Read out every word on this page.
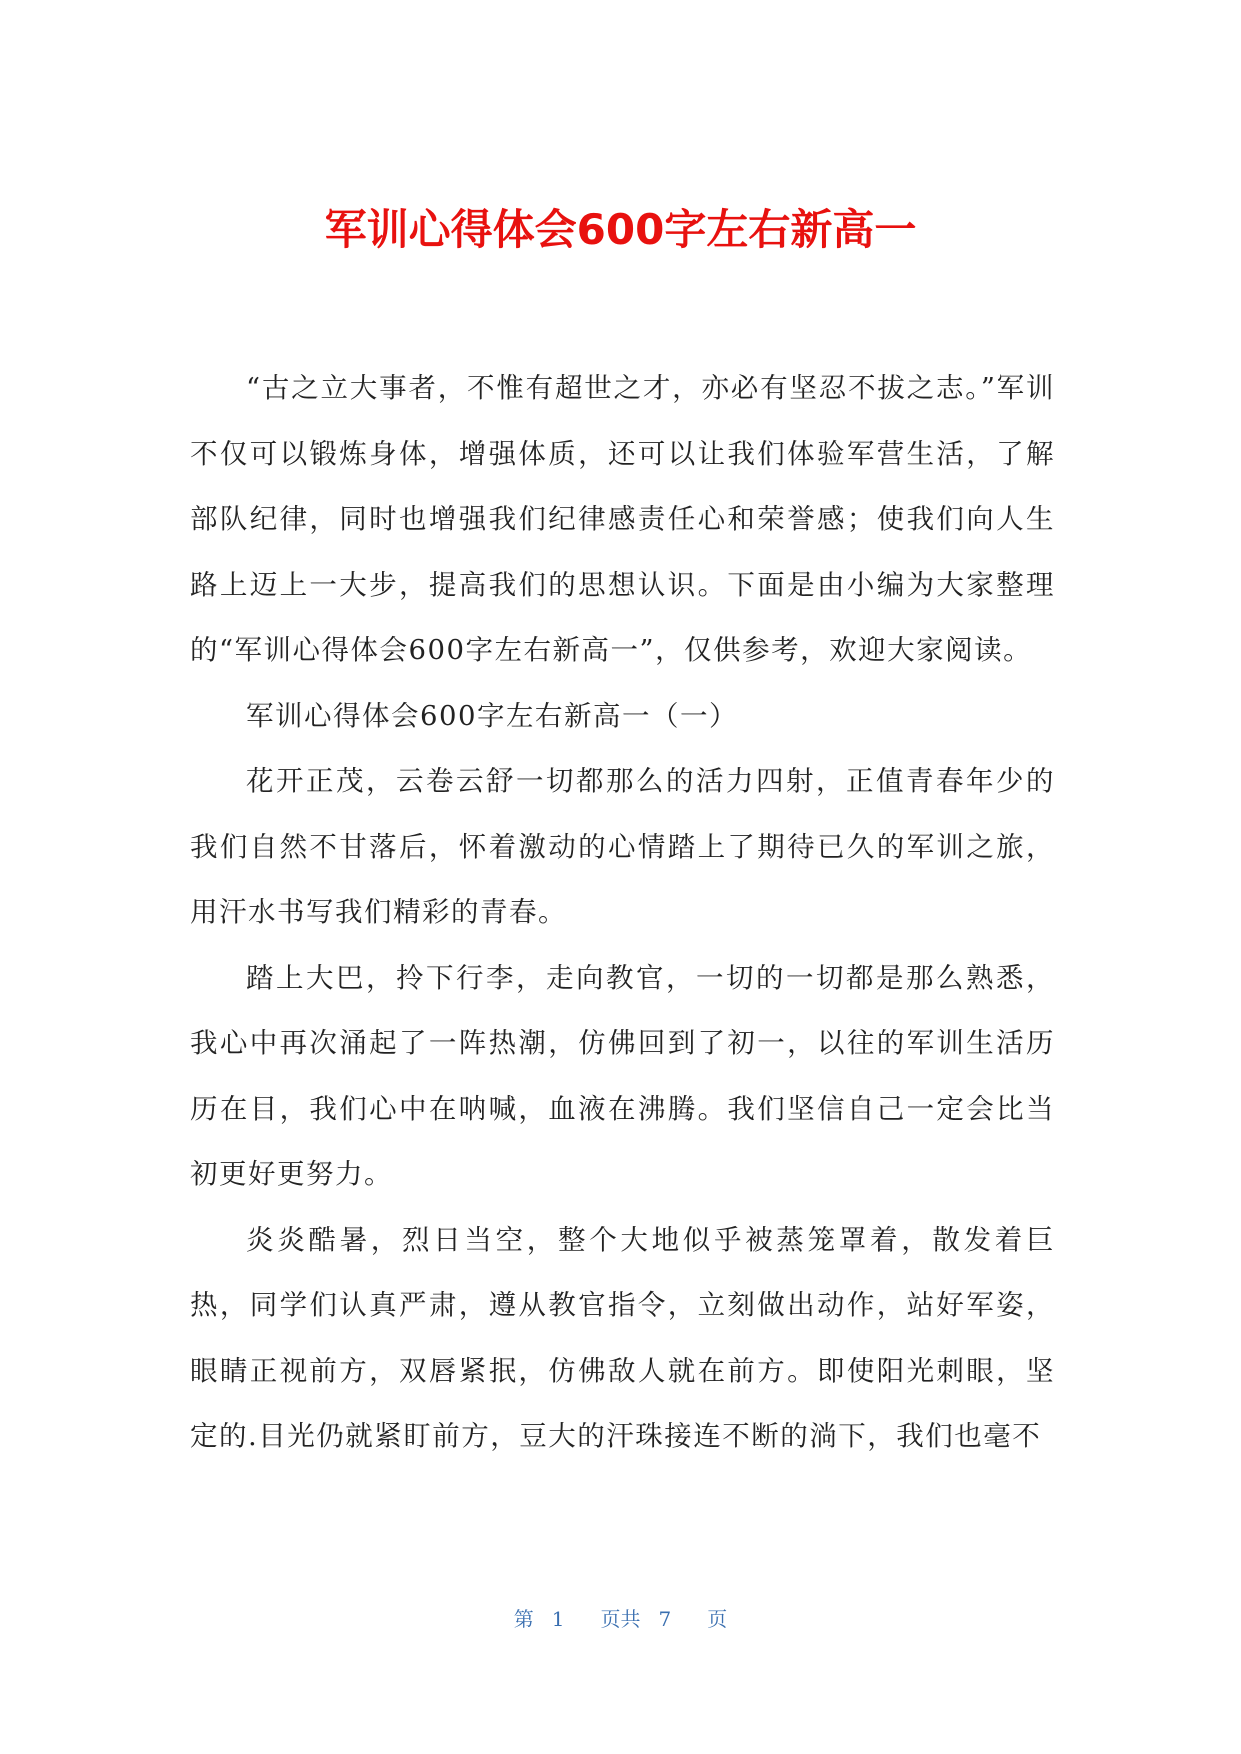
军训心得体会600字左右新高一

“古之立大事者，不惟有超世之才，亦必有坚忍不拔之志。”军训不仅可以锻炼身体，增强体质，还可以让我们体验军营生活，了解部队纪律，同时也增强我们纪律感责任心和荣誉感；使我们向人生路上迈上一大步，提高我们的思想认识。下面是由小编为大家整理的“军训心得体会600字左右新高一”，仅供参考，欢迎大家阅读。

军训心得体会600字左右新高一（一）

花开正茂，云卷云舒一切都那么的活力四射，正值青春年少的我们自然不甘落后，怀着激动的心情踏上了期待已久的军训之旅，用汗水书写我们精彩的青春。

踏上大巴，拎下行李，走向教官，一切的一切都是那么熟悉，我心中再次涌起了一阵热潮，仿佛回到了初一，以往的军训生活历历在目，我们心中在呐喊，血液在沸腾。我们坚信自己一定会比当初更好更努力。

炎炎酷暑，烈日当空，整个大地似乎被蒸笼罩着，散发着巨热，同学们认真严肃，遵从教官指令，立刻做出动作，站好军姿，眼睛正视前方，双唇紧抿，仿佛敌人就在前方。即使阳光刺眼，坚定的.目光仍就紧盯前方，豆大的汗珠接连不断的淌下，我们也毫不

第 1 页共 7 页
